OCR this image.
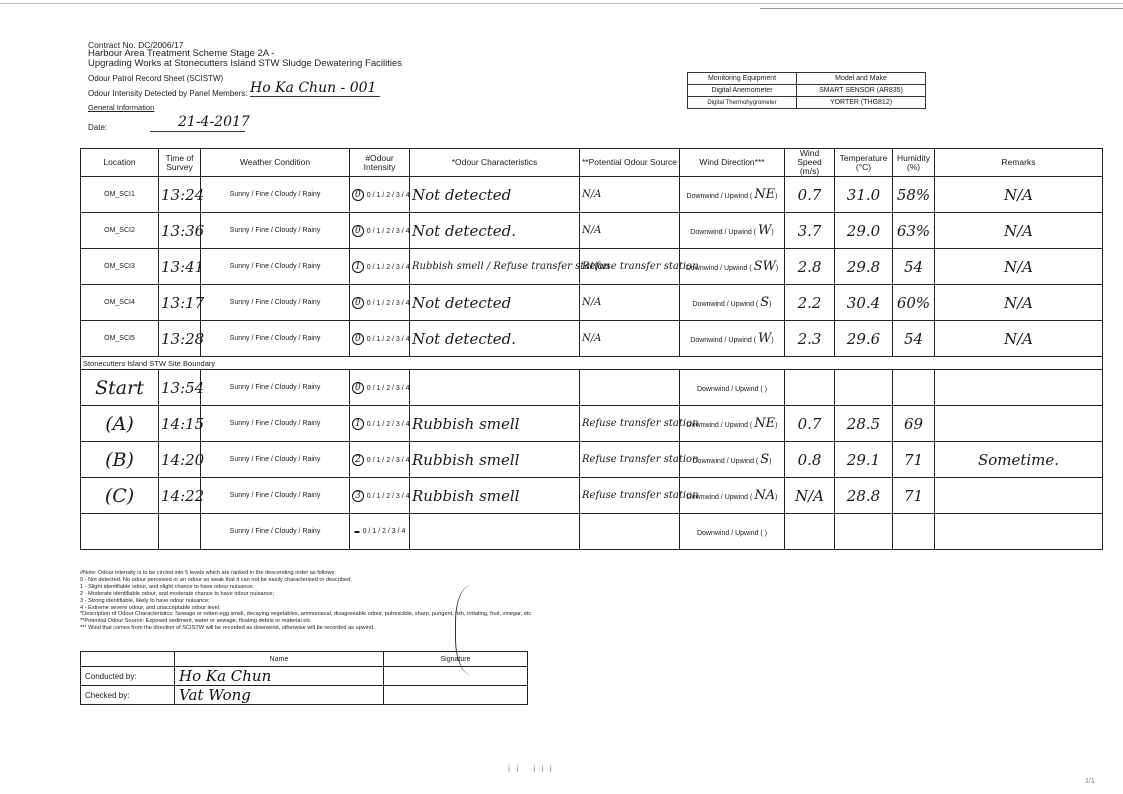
Contract No. DC/2006/17
Harbour Area Treatment Scheme Stage 2A -
Upgrading Works at Stonecutters Island STW Sludge Dewatering Facilities
Odour Patrol Record Sheet (SCISTW)
Odour Intensity Detected by Panel Members: Ho Ka Chun - 001
General Information
Date:	21-4-2017
Monitoring Equipment	Model and Make
Digital Anemometer	SMART SENSOR (AR835)
Digital Thermohygrometer	YORTER (THG812)
Location	Time of Survey	Weather Condition	#Odour Intensity	*Odour Characteristics	**Potential Odour Source	Wind Direction***	Wind Speed (m/s)	Temperature (°C)	Humidity (%)	Remarks
OM_SCI1	13:24	Sunny / Fine / Cloudy / Rainy	0 0 / 1 / 2 / 3 / 4	Not detected	N/A	Downwind / Upwind ( NE)	0.7	31.0	58%	N/A
OM_SCI2	13:36	Sunny / Fine / Cloudy / Rainy	0 0 / 1 / 2 / 3 / 4	Not detected.	N/A	Downwind / Upwind ( W)	3.7	29.0	63%	N/A
OM_SCI3	13:41	Sunny / Fine / Cloudy / Rainy	1 0 / 1 / 2 / 3 / 4	Rubbish smell / Refuse transfer station	Refuse transfer station	Downwind / Upwind ( SW)	2.8	29.8	54	N/A
OM_SCI4	13:17	Sunny / Fine / Cloudy / Rainy	0 0 / 1 / 2 / 3 / 4	Not detected	N/A	Downwind / Upwind ( S)	2.2	30.4	60%	N/A
OM_SCI5	13:28	Sunny / Fine / Cloudy / Rainy	0 0 / 1 / 2 / 3 / 4	Not detected.	N/A	Downwind / Upwind ( W)	2.3	29.6	54	N/A
Stonecutters Island STW Site Boundary										
Start	13:54	Sunny / Fine / Cloudy / Rainy	0 0 / 1 / 2 / 3 / 4			Downwind / Upwind ( )				
(A)	14:15	Sunny / Fine / Cloudy / Rainy	1 0 / 1 / 2 / 3 / 4	Rubbish smell	Refuse transfer station	Downwind / Upwind ( NE)	0.7	28.5	69	
(B)	14:20	Sunny / Fine / Cloudy / Rainy	2 0 / 1 / 2 / 3 / 4	Rubbish smell	Refuse transfer station	Downwind / Upwind ( S)	0.8	29.1	71	Sometime.
(C)	14:22	Sunny / Fine / Cloudy / Rainy	3 0 / 1 / 2 / 3 / 4	Rubbish smell	Refuse transfer station	Downwind / Upwind ( NA)	N/A	28.8	71	
		Sunny / Fine / Cloudy / Rainy	0 / 1 / 2 / 3 / 4			Downwind / Upwind ( )				
#Note: Odour intensity is to be circled into 5 levels which are ranked in the descending order as follows:
0 - Not detected. No odour perceived or an odour so weak that it can not be easily characterised or described;
1 - Slight identifiable odour, and slight chance to have odour nuisance;
2 - Moderate identifiable odour, and moderate chance to have odour nuisance;
3 - Strong identifiable, likely to have odour nuisance;
4 - Extreme severe odour, and unacceptable odour level.
*Description of Odour Characteristics: Sewage or rotten-egg smell, decaying vegetables, ammoniacal, disagreeable odour, putrescible, sharp, pungent, fish, irritating, fruit, vinegar, etc
**Potential Odour Source: Exposed sediment, water or sewage, floating debris or material etc
*** Wind that comes from the direction of SCISTW will be recorded as downwind, otherwise will be recorded as upwind.
	Name	Signature
Conducted by:	Ho Ka Chun	
Checked by:	Vat Wong	
ii iii
1/1
